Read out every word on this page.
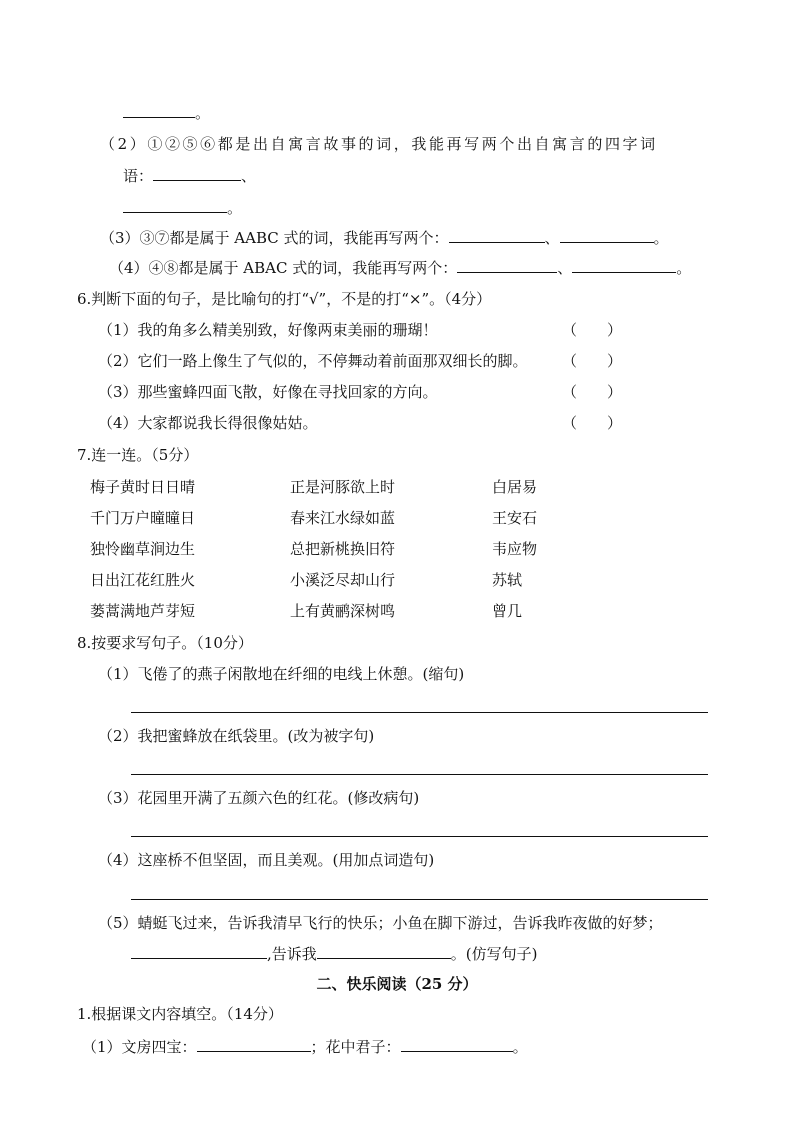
。
（2）①②⑤⑥都是出自寓言故事的词，我能再写两个出自寓言的四字词
语：	、
。
（3）③⑦都是属于 AABC 式的词，我能再写两个：	、	。
（4）④⑧都是属于 ABAC 式的词，我能再写两个：	、	。
6.判断下面的句子，是比喻句的打“√”，不是的打“×”。（4分）
（1）我的角多么精美别致，好像两束美丽的珊瑚！	（　　）
（2）它们一路上像生了气似的，不停舞动着前面那双细长的脚。 （　　）
（3）那些蜜蜂四面飞散，好像在寻找回家的方向。	（　　）
（4）大家都说我长得很像姑姑。	（　　）
7.连一连。（5分）
梅子黄时日日晴	正是河豚欲上时	白居易
千门万户曈曈日	春来江水绿如蓝	王安石
独怜幽草涧边生	总把新桃换旧符	韦应物
日出江花红胜火	小溪泛尽却山行	苏轼
蒌蒿满地芦芽短	上有黄鹂深树鸣	曾几
8.按要求写句子。（10分）
（1）飞倦了的燕子闲散地在纤细的电线上休憩。(缩句)
（2）我把蜜蜂放在纸袋里。(改为被字句)
（3）花园里开满了五颜六色的红花。(修改病句)
（4）这座桥不但坚固，而且美观。(用加点词造句)
（5）蜻蜓飞过来，告诉我清早飞行的快乐；小鱼在脚下游过，告诉我昨夜做的好梦；
,告诉我	。(仿写句子)
二、快乐阅读（25 分）
1.根据课文内容填空。（14分）
（1）文房四宝：	；花中君子：	。
